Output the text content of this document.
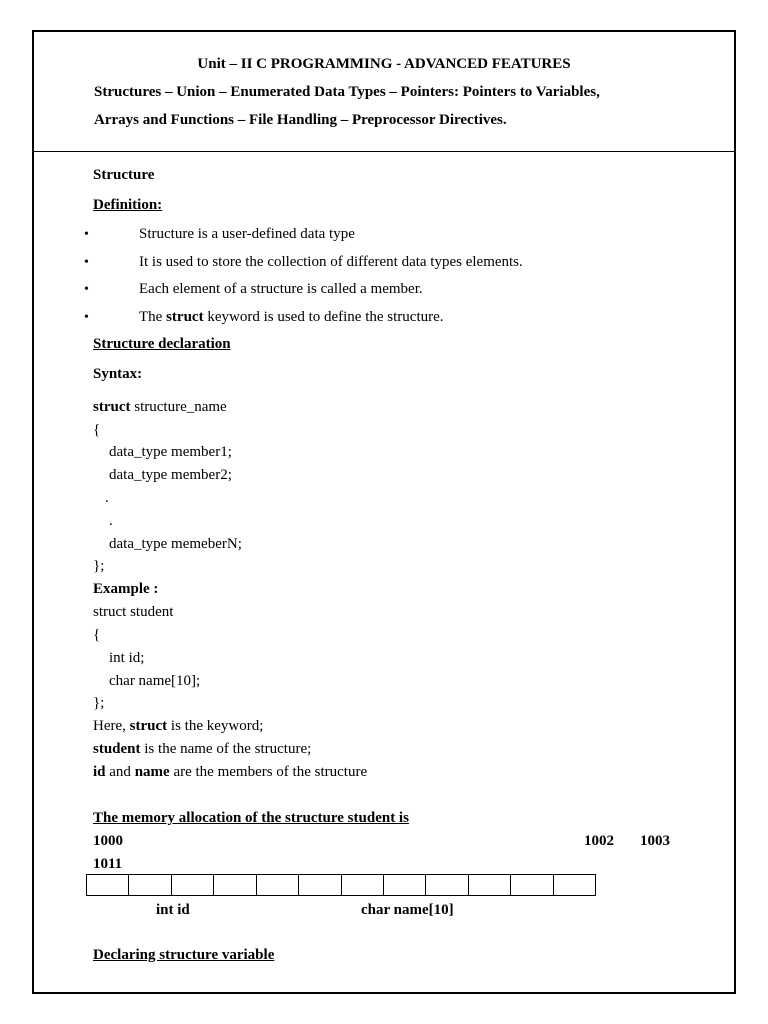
Unit – II C PROGRAMMING - ADVANCED FEATURES
Structures – Union – Enumerated Data Types – Pointers: Pointers to Variables,
Arrays and Functions – File Handling – Preprocessor Directives.
Structure
Definition:
•	Structure is a user-defined data type
•	It is used to store the collection of different data types elements.
•	Each element of a structure is called a member.
•	The struct keyword is used to define the structure.
Structure declaration
Syntax:
struct structure_name
{
data_type member1;
data_type member2;
.
.
data_type memeberN;
};
Example :
struct student
{
int id;
char name[10];
};
Here, struct is the keyword;
student is the name of the structure;
id and name are the members of the structure
The memory allocation of the structure student is
1000	1002 1003
1011
int id	char name[10]
Declaring structure variable
